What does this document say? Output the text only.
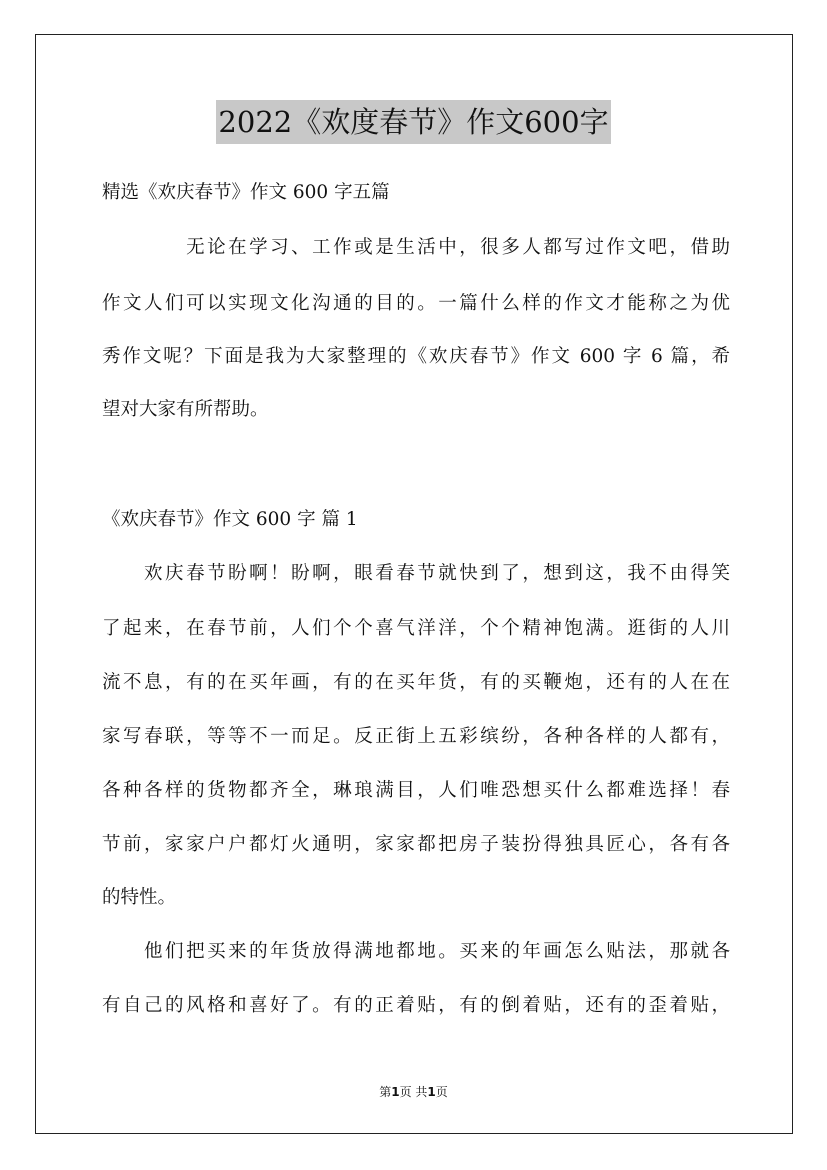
2022《欢度春节》作文600字
精选《欢庆春节》作文 600 字五篇
　　　　无论在学习、工作或是生活中，很多人都写过作文吧，借助
作文人们可以实现文化沟通的目的。一篇什么样的作文才能称之为优
秀作文呢？下面是我为大家整理的《欢庆春节》作文 600 字 6 篇，希
望对大家有所帮助。
《欢庆春节》作文 600 字 篇 1
　　欢庆春节盼啊！盼啊，眼看春节就快到了，想到这，我不由得笑
了起来，在春节前，人们个个喜气洋洋，个个精神饱满。逛街的人川
流不息，有的在买年画，有的在买年货，有的买鞭炮，还有的人在在
家写春联，等等不一而足。反正街上五彩缤纷，各种各样的人都有，
各种各样的货物都齐全，琳琅满目，人们唯恐想买什么都难选择！春
节前，家家户户都灯火通明，家家都把房子装扮得独具匠心，各有各
的特性。
　　他们把买来的年货放得满地都地。买来的年画怎么贴法，那就各
有自己的风格和喜好了。有的正着贴，有的倒着贴，还有的歪着贴，
第1页 共1页
